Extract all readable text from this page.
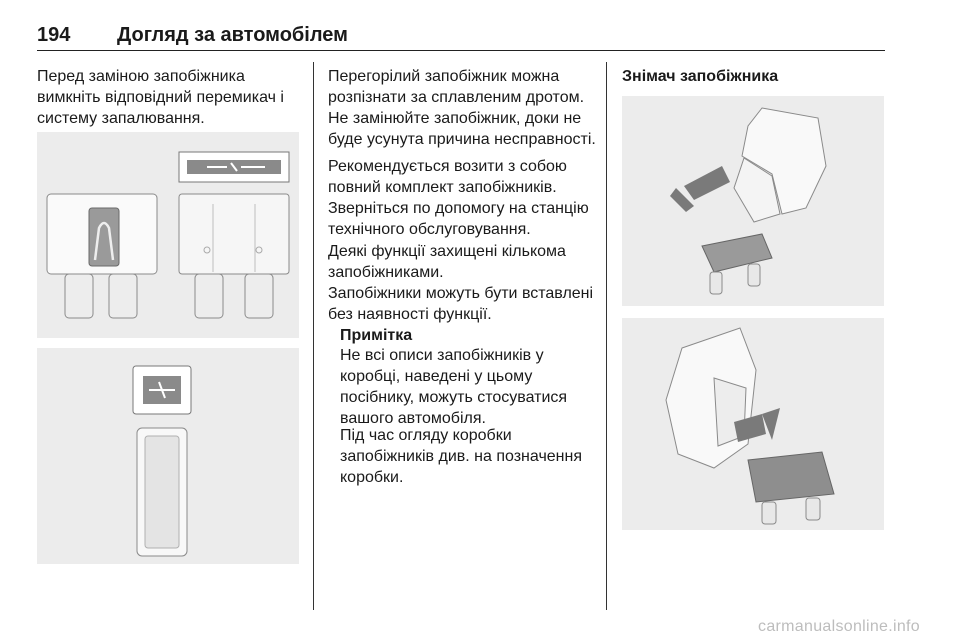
194 Догляд за автомобілем

Перед заміною запобіжника вимкніть відповідний перемикач і систему запалювання.

Перегорілий запобіжник можна розпізнати за сплавленим дротом. Не замінюйте запобіжник, доки не буде усунута причина несправності.

Рекомендується возити з собою повний комплект запобіжників. Зверніться по допомогу на станцію технічного обслуговування.

Деякі функції захищені кількома запобіжниками.

Запобіжники можуть бути вставлені без наявності функції.

Примітка

Не всі описи запобіжників у коробці, наведені у цьому посібнику, можуть стосуватися вашого автомобіля.

Під час огляду коробки запобіжників див. на позначення коробки.

Знімач запобіжника

carmanualsonline.info
